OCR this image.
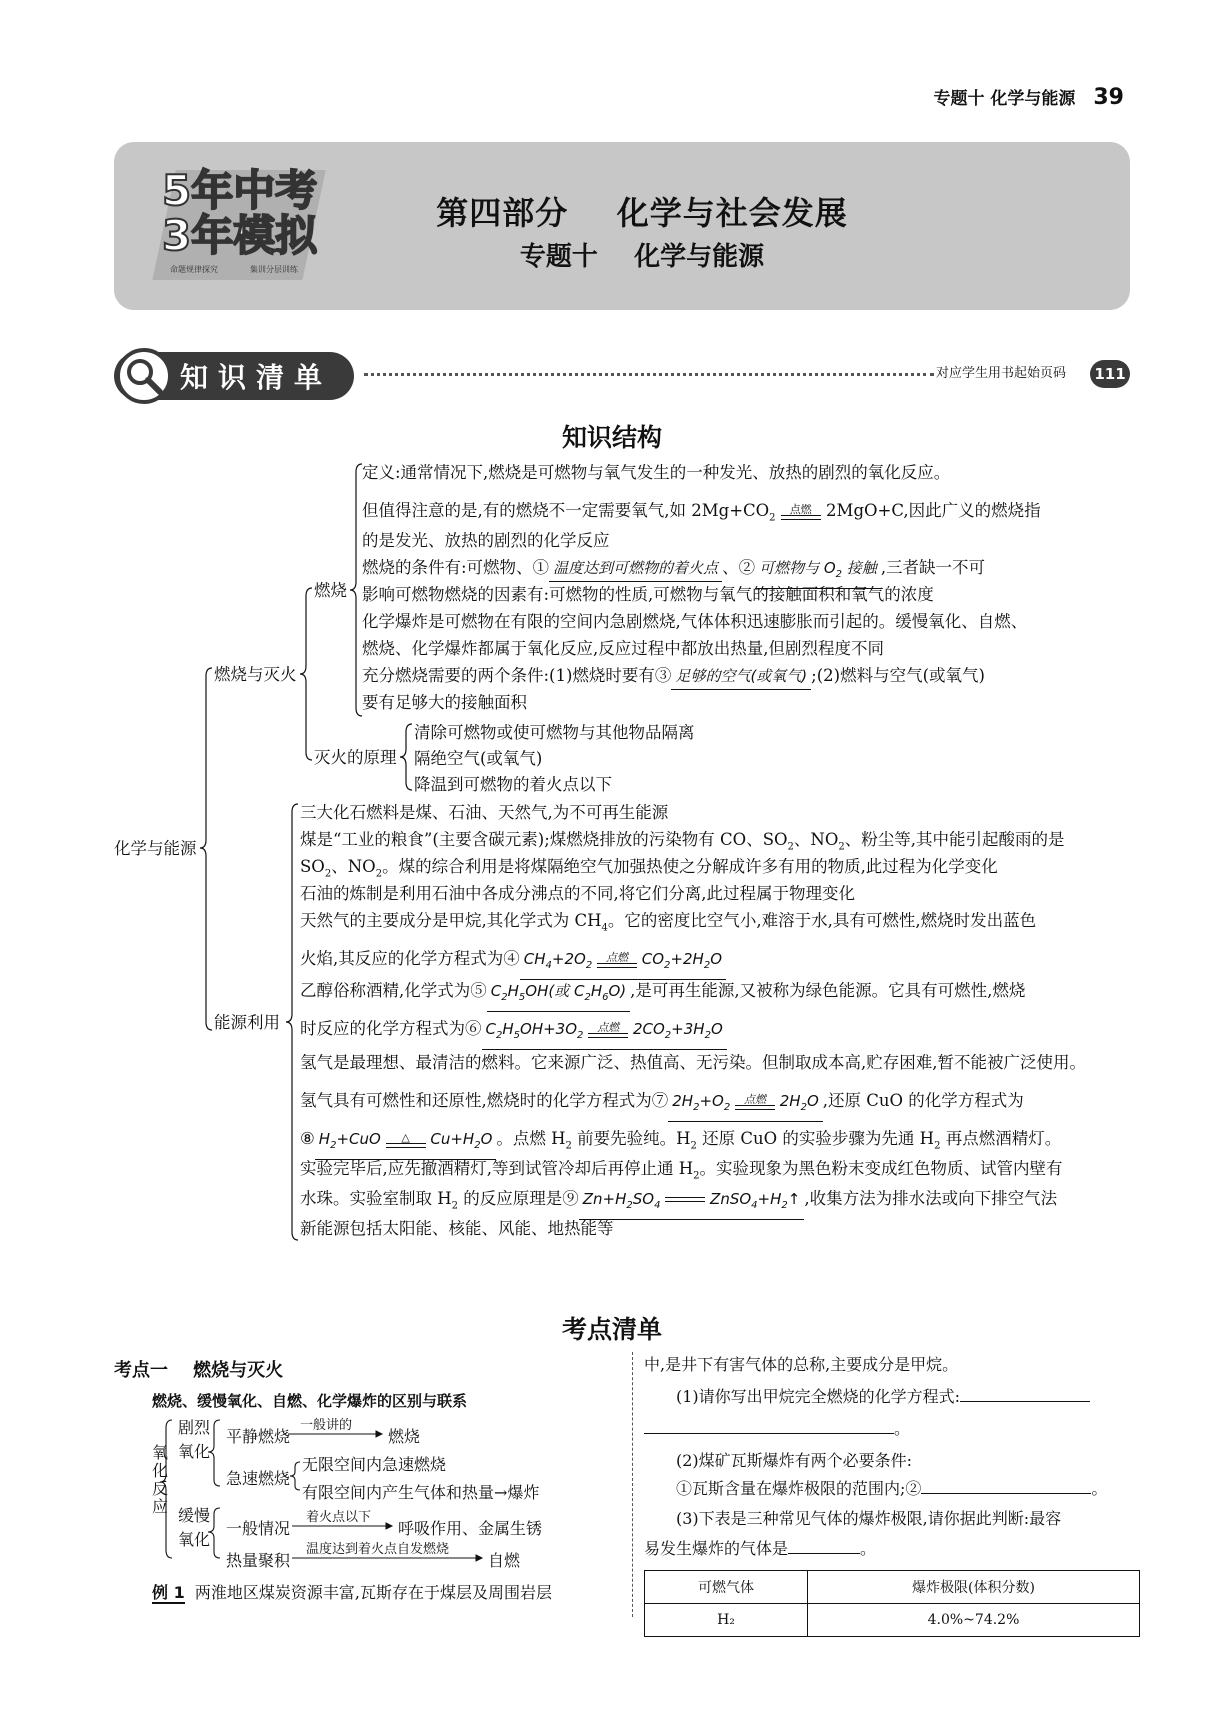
专题十 化学与能源 39
5年中考
3年模拟
命题规律探究	集训分层训练
第四部分    化学与社会发展
专题十    化学与能源
知识清单	对应学生用书起始页码 111
知识结构
化学与能源
燃烧与灭火
燃烧
灭火的原理
能源利用
定义:通常情况下,燃烧是可燃物与氧气发生的一种发光、放热的剧烈的氧化反应。
但值得注意的是,有的燃烧不一定需要氧气,如 $2Mg+CO_2$
点燃 2MgO+C,因此广义的燃烧指
的是发光、放热的剧烈的化学反应
燃烧的条件有:可燃物、① 温度达到可燃物的着火点 、② 可燃物与 $O_2$ 接触 ,三者缺一不可
影响可燃物燃烧的因素有:可燃物的性质,可燃物与氧气的接触面积和氧气的浓度
化学爆炸是可燃物在有限的空间内急剧燃烧,气体体积迅速膨胀而引起的。缓慢氧化、自燃、
燃烧、化学爆炸都属于氧化反应,反应过程中都放出热量,但剧烈程度不同
充分燃烧需要的两个条件:(1)燃烧时要有③ 足够的空气(或氧气) ;(2)燃料与空气(或氧气)
要有足够大的接触面积
清除可燃物或使可燃物与其他物品隔离
隔绝空气(或氧气)
降温到可燃物的着火点以下
三大化石燃料是煤、石油、天然气,为不可再生能源
煤是“工业的粮食”(主要含碳元素);煤燃烧排放的污染物有 CO、$SO_2$、$NO_2$、粉尘等,其中能引起酸雨的是
$SO_2$、$NO_2$。煤的综合利用是将煤隔绝空气加强热使之分解成许多有用的物质,此过程为化学变化
石油的炼制是利用石油中各成分沸点的不同,将它们分离,此过程属于物理变化
天然气的主要成分是甲烷,其化学式为 $CH_4$。它的密度比空气小,难溶于水,具有可燃性,燃烧时发出蓝色
火焰,其反应的化学方程式为④ $CH_4+2O_2$
点燃 $CO_2+2H_2O$
乙醇俗称酒精,化学式为⑤ $C_2H_5OH$(或 $C_2H_6O$) ,是可再生能源,又被称为绿色能源。它具有可燃性,燃烧
时反应的化学方程式为⑥ $C_2H_5OH+3O_2$
点燃 $2CO_2+3H_2O$
氢气是最理想、最清洁的燃料。它来源广泛、热值高、无污染。但制取成本高,贮存困难,暂不能被广泛使用。
氢气具有可燃性和还原性,燃烧时的化学方程式为⑦ $2H_2+O_2$
点燃 $2H_2O$ ,还原 CuO 的化学方程式为
⑧ $H_2+CuO$	△	$Cu+H_2O$ 。点燃 $H_2$ 前要先验纯。$H_2$ 还原 CuO 的实验步骤为先通 $H_2$ 再点燃酒精灯。
实验完毕后,应先撤酒精灯,等到试管冷却后再停止通 $H_2$。实验现象为黑色粉末变成红色物质、试管内壁有
水珠。实验室制取 $H_2$ 的反应原理是⑨ $Zn+H_2SO_4$	$ZnSO_4+H_2↑$ ,收集方法为排水法或向下排空气法
新能源包括太阳能、核能、风能、地热能等
考点清单
考点一    燃烧与灭火
燃烧、缓慢氧化、自燃、化学爆炸的区别与联系
氧化反应
剧烈氧化
缓慢氧化
平静燃烧
一般讲的
燃烧
急速燃烧
无限空间内急速燃烧
有限空间内产生气体和热量→爆炸
一般情况
着火点以下
呼吸作用、金属生锈
热量聚积
温度达到着火点自发燃烧
自燃
例 1 两淮地区煤炭资源丰富,瓦斯存在于煤层及周围岩层
中,是井下有害气体的总称,主要成分是甲烷。
(1)请你写出甲烷完全燃烧的化学方程式:
。
(2)煤矿瓦斯爆炸有两个必要条件:
①瓦斯含量在爆炸极限的范围内;②	。
(3)下表是三种常见气体的爆炸极限,请你据此判断:最容
易发生爆炸的气体是	。
可燃气体	爆炸极限(体积分数)
H₂	4.0%~74.2%
